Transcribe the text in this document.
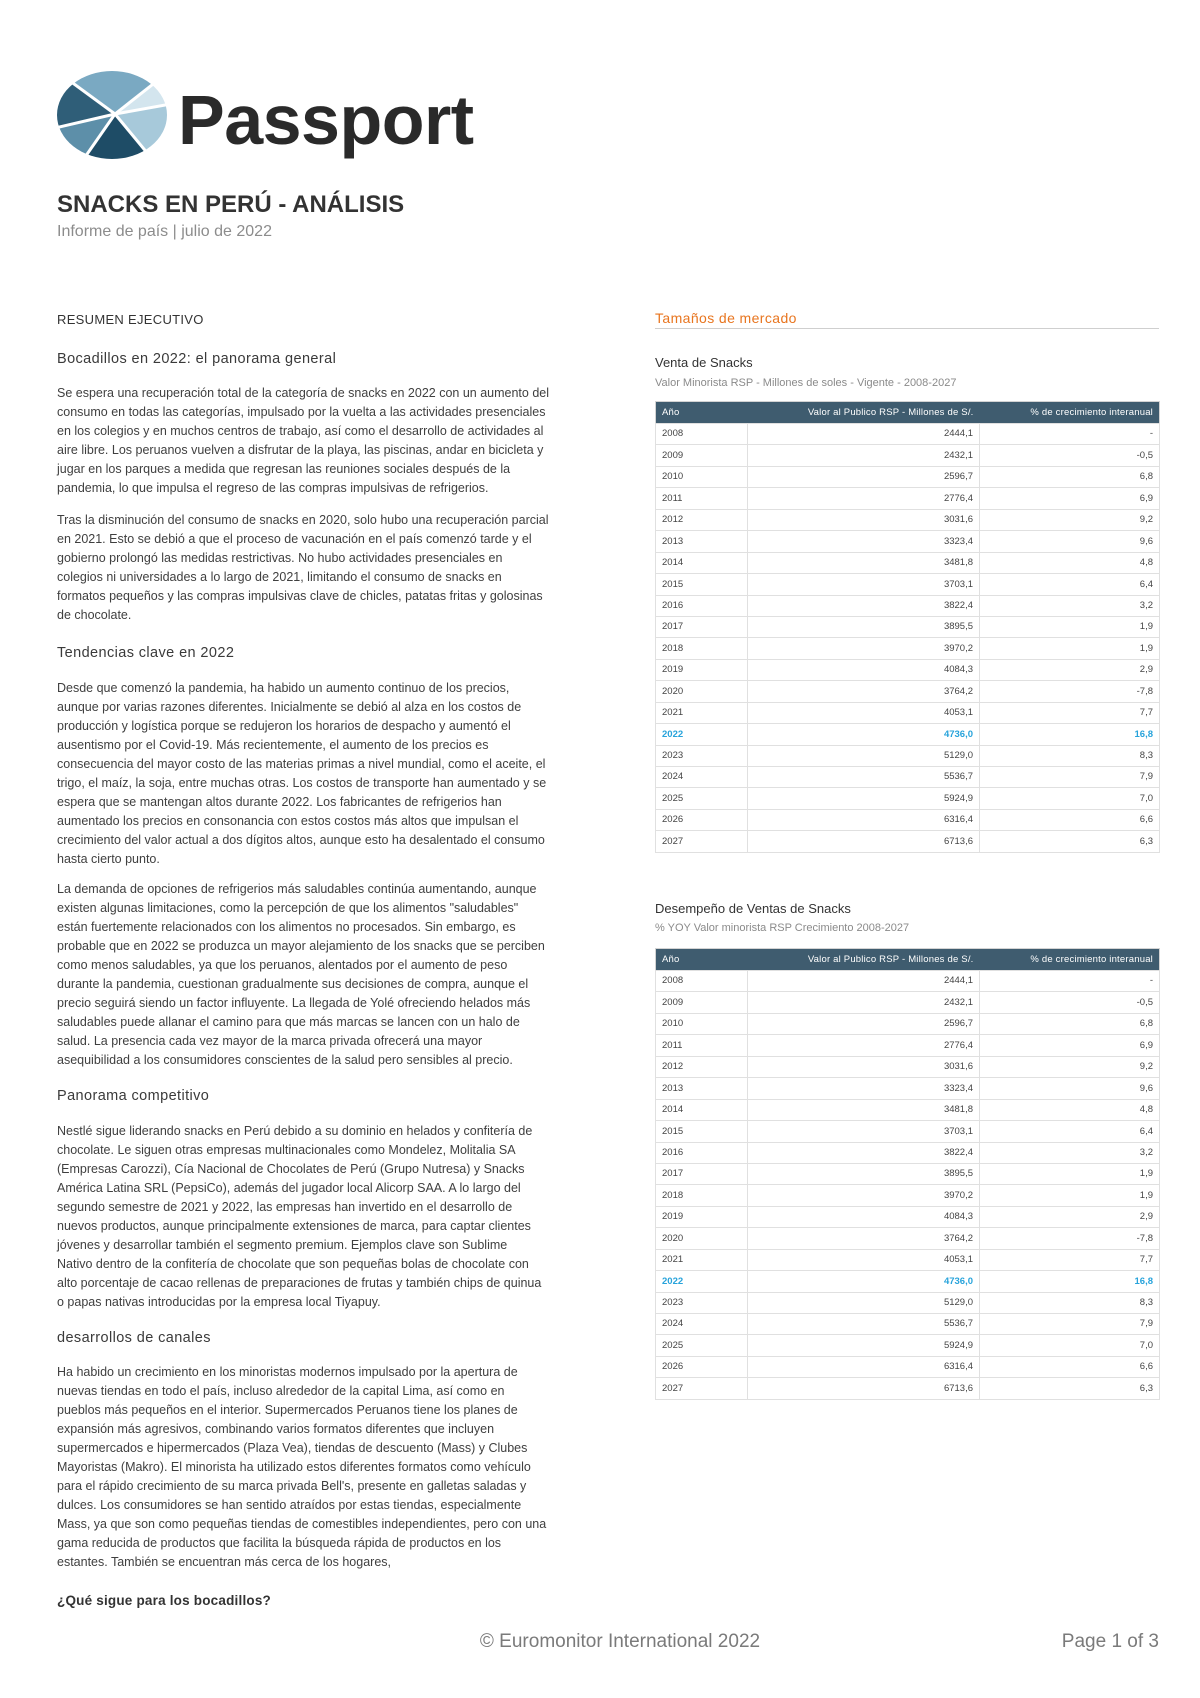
Passport
SNACKS EN PERÚ - ANÁLISIS
Informe de país | julio de 2022
RESUMEN EJECUTIVO
Bocadillos en 2022: el panorama general
Se espera una recuperación total de la categoría de snacks en 2022 con un aumento del
consumo en todas las categorías, impulsado por la vuelta a las actividades presenciales
en los colegios y en muchos centros de trabajo, así como el desarrollo de actividades al
aire libre. Los peruanos vuelven a disfrutar de la playa, las piscinas, andar en bicicleta y
jugar en los parques a medida que regresan las reuniones sociales después de la
pandemia, lo que impulsa el regreso de las compras impulsivas de refrigerios.
Tras la disminución del consumo de snacks en 2020, solo hubo una recuperación parcial
en 2021. Esto se debió a que el proceso de vacunación en el país comenzó tarde y el
gobierno prolongó las medidas restrictivas. No hubo actividades presenciales en
colegios ni universidades a lo largo de 2021, limitando el consumo de snacks en
formatos pequeños y las compras impulsivas clave de chicles, patatas fritas y golosinas
de chocolate.
Tendencias clave en 2022
Desde que comenzó la pandemia, ha habido un aumento continuo de los precios,
aunque por varias razones diferentes. Inicialmente se debió al alza en los costos de
producción y logística porque se redujeron los horarios de despacho y aumentó el
ausentismo por el Covid-19. Más recientemente, el aumento de los precios es
consecuencia del mayor costo de las materias primas a nivel mundial, como el aceite, el
trigo, el maíz, la soja, entre muchas otras. Los costos de transporte han aumentado y se
espera que se mantengan altos durante 2022. Los fabricantes de refrigerios han
aumentado los precios en consonancia con estos costos más altos que impulsan el
crecimiento del valor actual a dos dígitos altos, aunque esto ha desalentado el consumo
hasta cierto punto.
La demanda de opciones de refrigerios más saludables continúa aumentando, aunque
existen algunas limitaciones, como la percepción de que los alimentos "saludables"
están fuertemente relacionados con los alimentos no procesados. Sin embargo, es
probable que en 2022 se produzca un mayor alejamiento de los snacks que se perciben
como menos saludables, ya que los peruanos, alentados por el aumento de peso
durante la pandemia, cuestionan gradualmente sus decisiones de compra, aunque el
precio seguirá siendo un factor influyente. La llegada de Yolé ofreciendo helados más
saludables puede allanar el camino para que más marcas se lancen con un halo de
salud. La presencia cada vez mayor de la marca privada ofrecerá una mayor
asequibilidad a los consumidores conscientes de la salud pero sensibles al precio.
Panorama competitivo
Nestlé sigue liderando snacks en Perú debido a su dominio en helados y confitería de
chocolate. Le siguen otras empresas multinacionales como Mondelez, Molitalia SA
(Empresas Carozzi), Cía Nacional de Chocolates de Perú (Grupo Nutresa) y Snacks
América Latina SRL (PepsiCo), además del jugador local Alicorp SAA. A lo largo del
segundo semestre de 2021 y 2022, las empresas han invertido en el desarrollo de
nuevos productos, aunque principalmente extensiones de marca, para captar clientes
jóvenes y desarrollar también el segmento premium. Ejemplos clave son Sublime
Nativo dentro de la confitería de chocolate que son pequeñas bolas de chocolate con
alto porcentaje de cacao rellenas de preparaciones de frutas y también chips de quinua
o papas nativas introducidas por la empresa local Tiyapuy.
desarrollos de canales
Ha habido un crecimiento en los minoristas modernos impulsado por la apertura de
nuevas tiendas en todo el país, incluso alrededor de la capital Lima, así como en
pueblos más pequeños en el interior. Supermercados Peruanos tiene los planes de
expansión más agresivos, combinando varios formatos diferentes que incluyen
supermercados e hipermercados (Plaza Vea), tiendas de descuento (Mass) y Clubes
Mayoristas (Makro). El minorista ha utilizado estos diferentes formatos como vehículo
para el rápido crecimiento de su marca privada Bell's, presente en galletas saladas y
dulces. Los consumidores se han sentido atraídos por estas tiendas, especialmente
Mass, ya que son como pequeñas tiendas de comestibles independientes, pero con una
gama reducida de productos que facilita la búsqueda rápida de productos en los
estantes. También se encuentran más cerca de los hogares,
¿Qué sigue para los bocadillos?
Tamaños de mercado
Venta de Snacks
Valor Minorista RSP - Millones de soles - Vigente - 2008-2027
Año	Valor al Publico RSP - Millones de S/.	% de crecimiento interanual
2008	2444,1	-
2009	2432,1	-0,5
2010	2596,7	6,8
2011	2776,4	6,9
2012	3031,6	9,2
2013	3323,4	9,6
2014	3481,8	4,8
2015	3703,1	6,4
2016	3822,4	3,2
2017	3895,5	1,9
2018	3970,2	1,9
2019	4084,3	2,9
2020	3764,2	-7,8
2021	4053,1	7,7
2022	4736,0	16,8
2023	5129,0	8,3
2024	5536,7	7,9
2025	5924,9	7,0
2026	6316,4	6,6
2027	6713,6	6,3
Desempeño de Ventas de Snacks
% YOY Valor minorista RSP Crecimiento 2008-2027
Año	Valor al Publico RSP - Millones de S/.	% de crecimiento interanual
2008	2444,1	-
2009	2432,1	-0,5
2010	2596,7	6,8
2011	2776,4	6,9
2012	3031,6	9,2
2013	3323,4	9,6
2014	3481,8	4,8
2015	3703,1	6,4
2016	3822,4	3,2
2017	3895,5	1,9
2018	3970,2	1,9
2019	4084,3	2,9
2020	3764,2	-7,8
2021	4053,1	7,7
2022	4736,0	16,8
2023	5129,0	8,3
2024	5536,7	7,9
2025	5924,9	7,0
2026	6316,4	6,6
2027	6713,6	6,3
© Euromonitor International 2022	Page 1 of 3
